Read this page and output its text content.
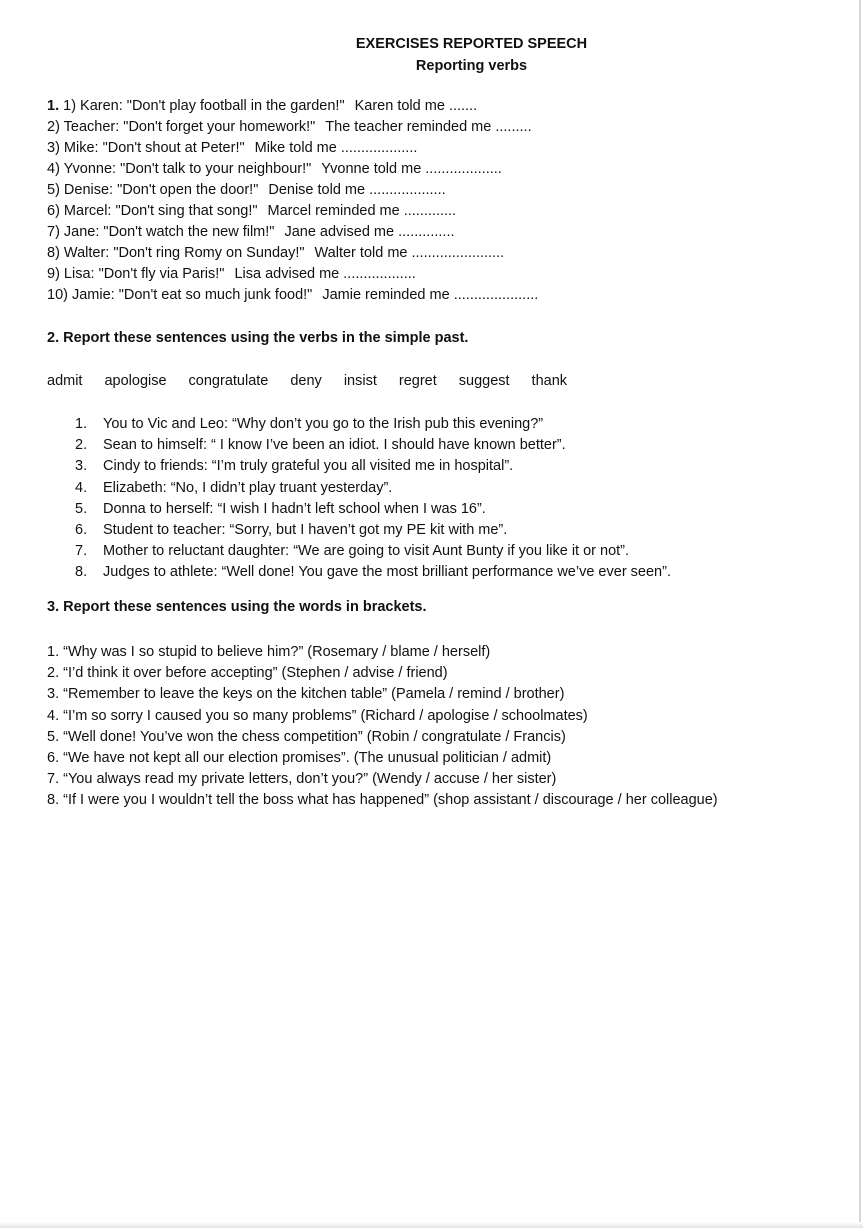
EXERCISES REPORTED SPEECH
Reporting verbs
1. 1) Karen: "Don't play football in the garden!" Karen told me .......
2) Teacher: "Don't forget your homework!" The teacher reminded me .........
3) Mike: "Don't shout at Peter!" Mike told me ...................
4) Yvonne: "Don't talk to your neighbour!" Yvonne told me ...................
5) Denise: "Don't open the door!" Denise told me ...................
6) Marcel: "Don't sing that song!" Marcel reminded me .............
7) Jane: "Don't watch the new film!" Jane advised me ..............
8) Walter: "Don't ring Romy on Sunday!" Walter told me .......................
9) Lisa: "Don't fly via Paris!" Lisa advised me ..................
10) Jamie: "Don't eat so much junk food!" Jamie reminded me .....................
2. Report these sentences using the verbs in the simple past.
admit apologise congratulate deny insist regret suggest thank
1.	You to Vic and Leo: “Why don’t you go to the Irish pub this evening?”
2.	Sean to himself: “ I know I’ve been an idiot. I should have known better”.
3.	Cindy to friends: “I’m truly grateful you all visited me in hospital”.
4.	Elizabeth: “No, I didn’t play truant yesterday”.
5.	Donna to herself: “I wish I hadn’t left school when I was 16”.
6.	Student to teacher: “Sorry, but I haven’t got my PE kit with me”.
7.	Mother to reluctant daughter: “We are going to visit Aunt Bunty if you like it or not”.
8.	Judges to athlete: “Well done! You gave the most brilliant performance we’ve ever seen”.
3. Report these sentences using the words in brackets.
1. “Why was I so stupid to believe him?” (Rosemary / blame / herself)
2. “I’d think it over before accepting” (Stephen / advise / friend)
3. “Remember to leave the keys on the kitchen table” (Pamela / remind / brother)
4. “I’m so sorry I caused you so many problems” (Richard / apologise / schoolmates)
5. “Well done! You’ve won the chess competition” (Robin / congratulate / Francis)
6. “We have not kept all our election promises”. (The unusual politician / admit)
7. “You always read my private letters, don’t you?” (Wendy / accuse / her sister)
8. “If I were you I wouldn’t tell the boss what has happened” (shop assistant / discourage / her colleague)
